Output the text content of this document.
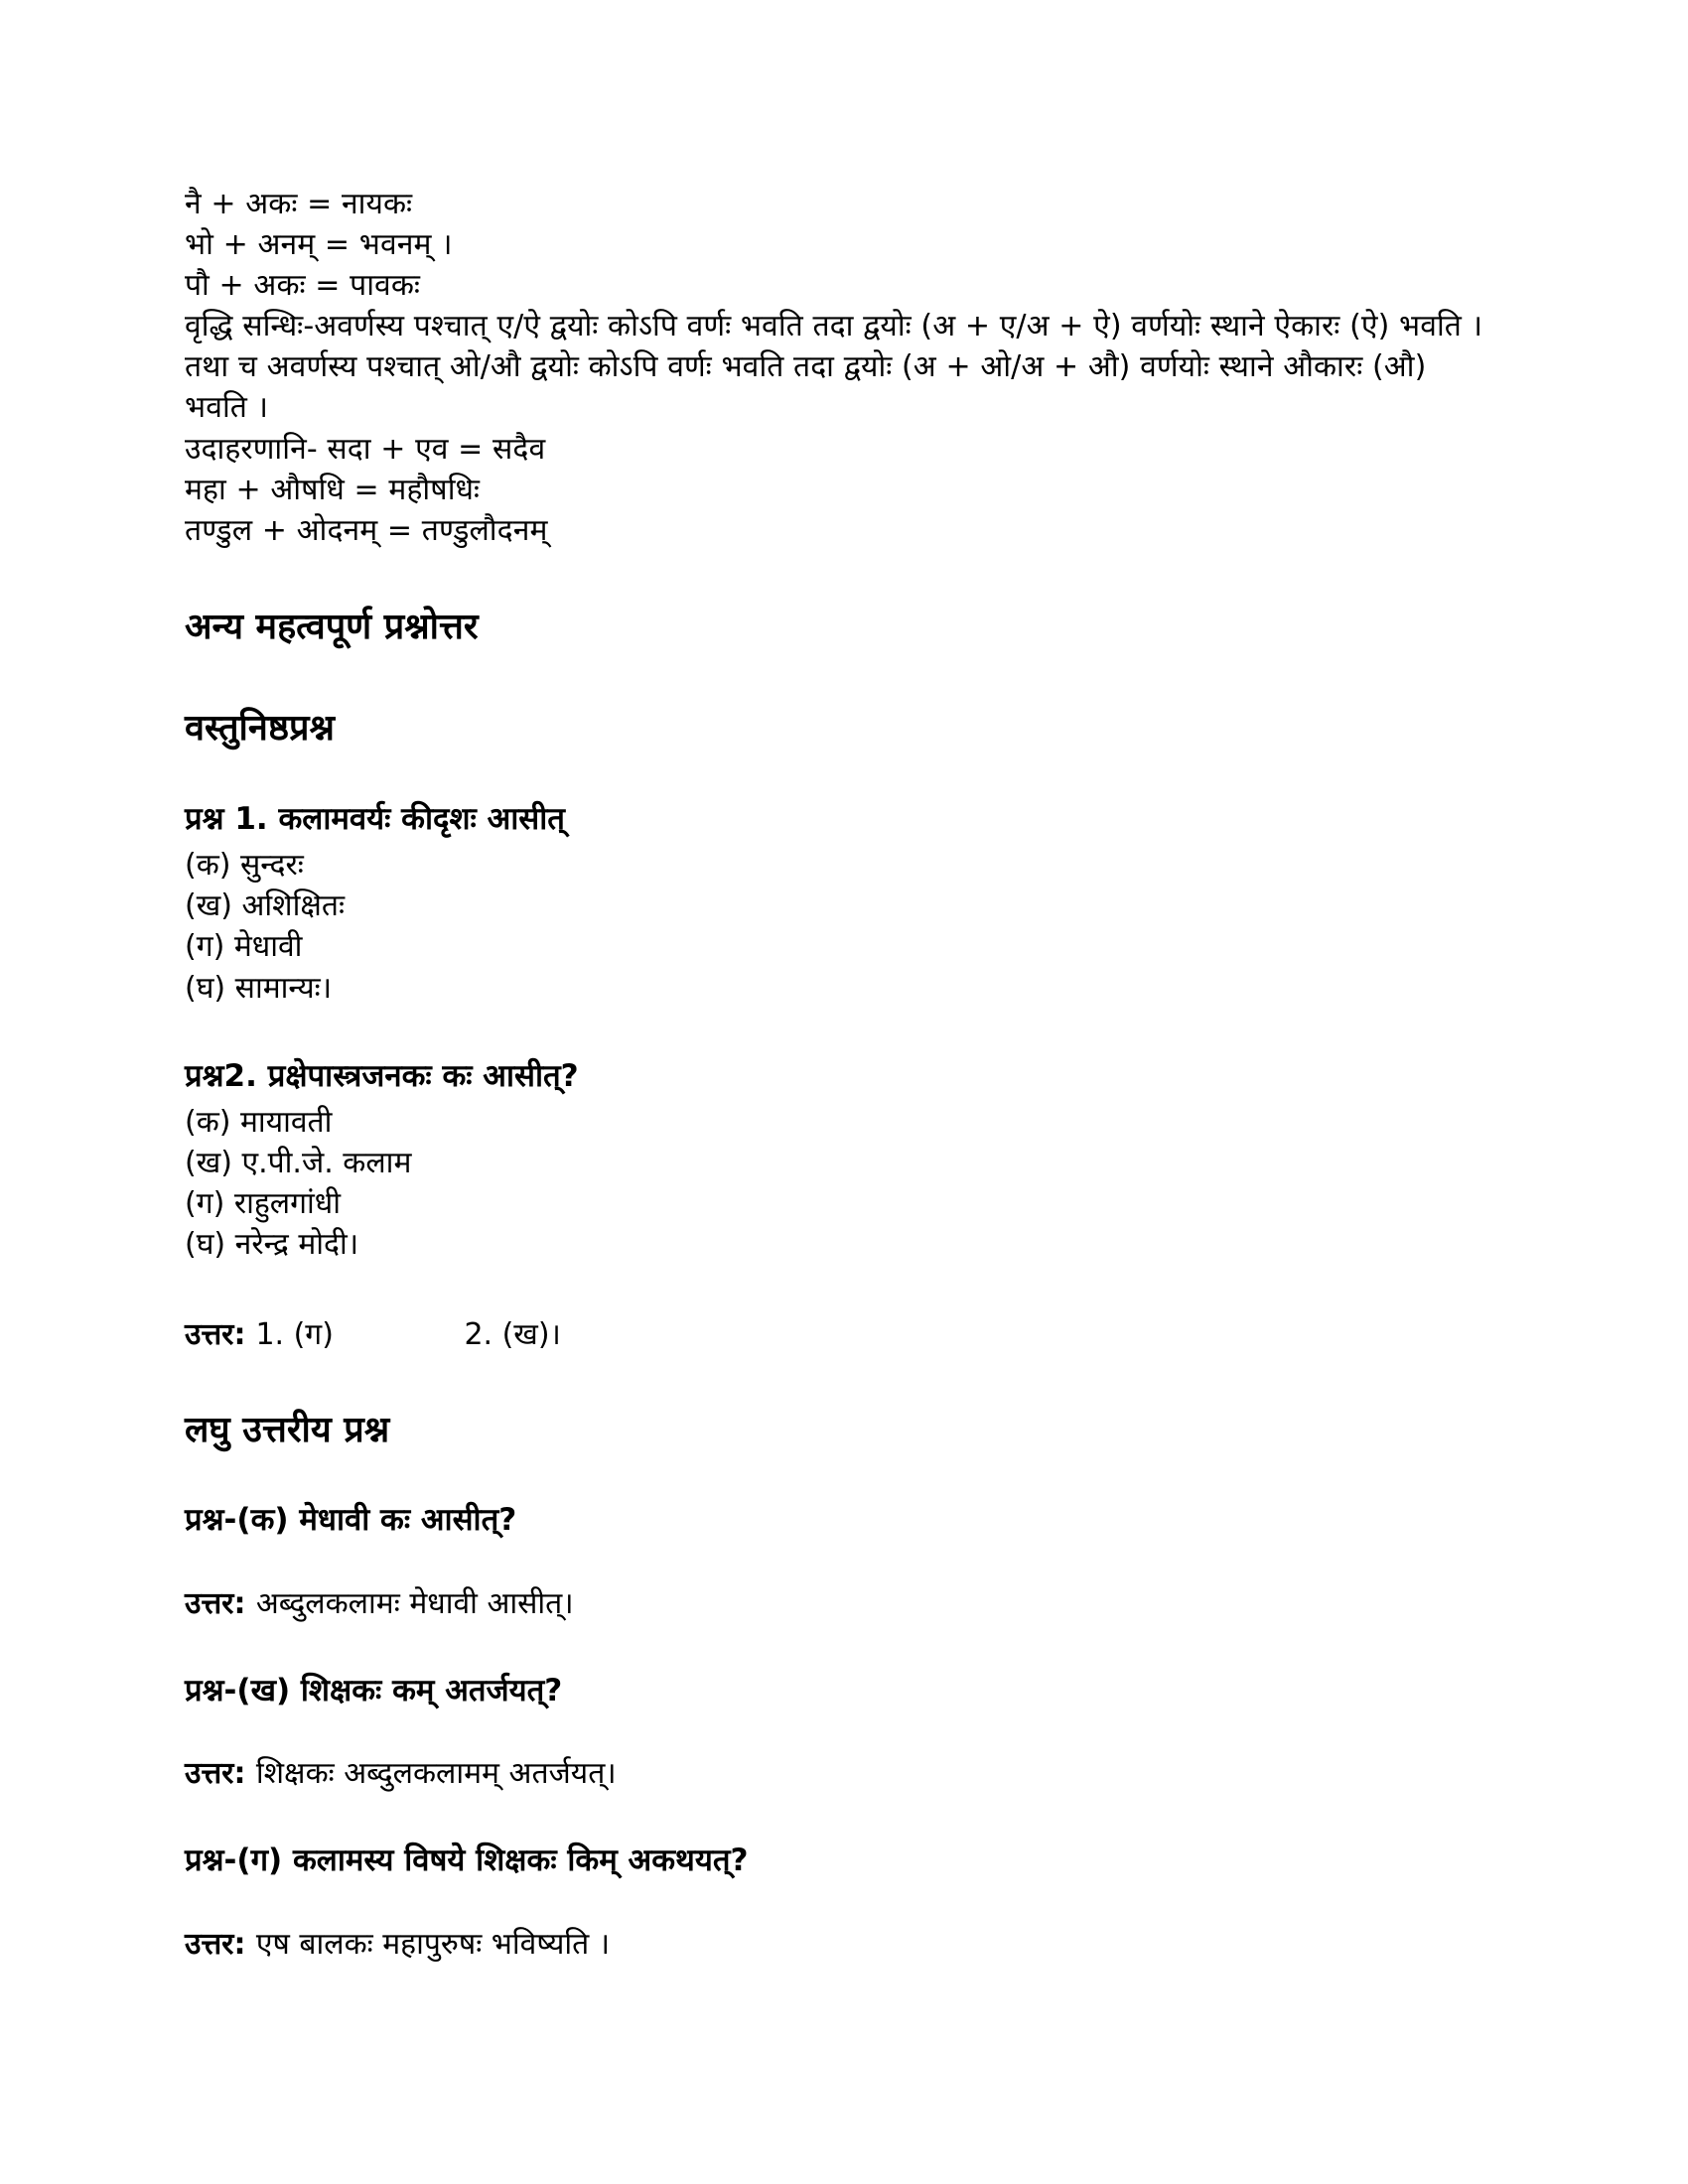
नै + अकः = नायकः
भो + अनम् = भवनम् ।
पौ + अकः = पावकः
वृद्धि सन्धिः-अवर्णस्य पश्चात् ए/ऐ द्वयोः कोऽपि वर्णः भवति तदा द्वयोः (अ + ए/अ + ऐ) वर्णयोः स्थाने ऐकारः (ऐ) भवति । तथा च अवर्णस्य पश्चात् ओ/औ द्वयोः कोऽपि वर्णः भवति तदा द्वयोः (अ + ओ/अ + औ) वर्णयोः स्थाने औकारः (औ) भवति ।
उदाहरणानि- सदा + एव = सदैव
महा + औषधि = महौषधिः
तण्डुल + ओदनम् = तण्डुलौदनम्
अन्य महत्वपूर्ण प्रश्नोत्तर
वस्तुनिष्ठप्रश्न
प्रश्न 1. कलामवर्यः कीदृशः आसीत्
(क) सुन्दरः
(ख) अशिक्षितः
(ग) मेधावी
(घ) सामान्यः।
प्रश्न2. प्रक्षेपास्त्रजनकः कः आसीत्?
(क) मायावती
(ख) ए.पी.जे. कलाम
(ग) राहुलगांधी
(घ) नरेन्द्र मोदी।
उत्तर: 1. (ग)	2. (ख)।
लघु उत्तरीय प्रश्न
प्रश्न-(क) मेधावी कः आसीत्?
उत्तर: अब्दुलकलामः मेधावी आसीत्।
प्रश्न-(ख) शिक्षकः कम् अतर्जयत्?
उत्तर: शिक्षकः अब्दुलकलामम् अतर्जयत्।
प्रश्न-(ग) कलामस्य विषये शिक्षकः किम् अकथयत्?
उत्तर: एष बालकः महापुरुषः भविष्यति ।
